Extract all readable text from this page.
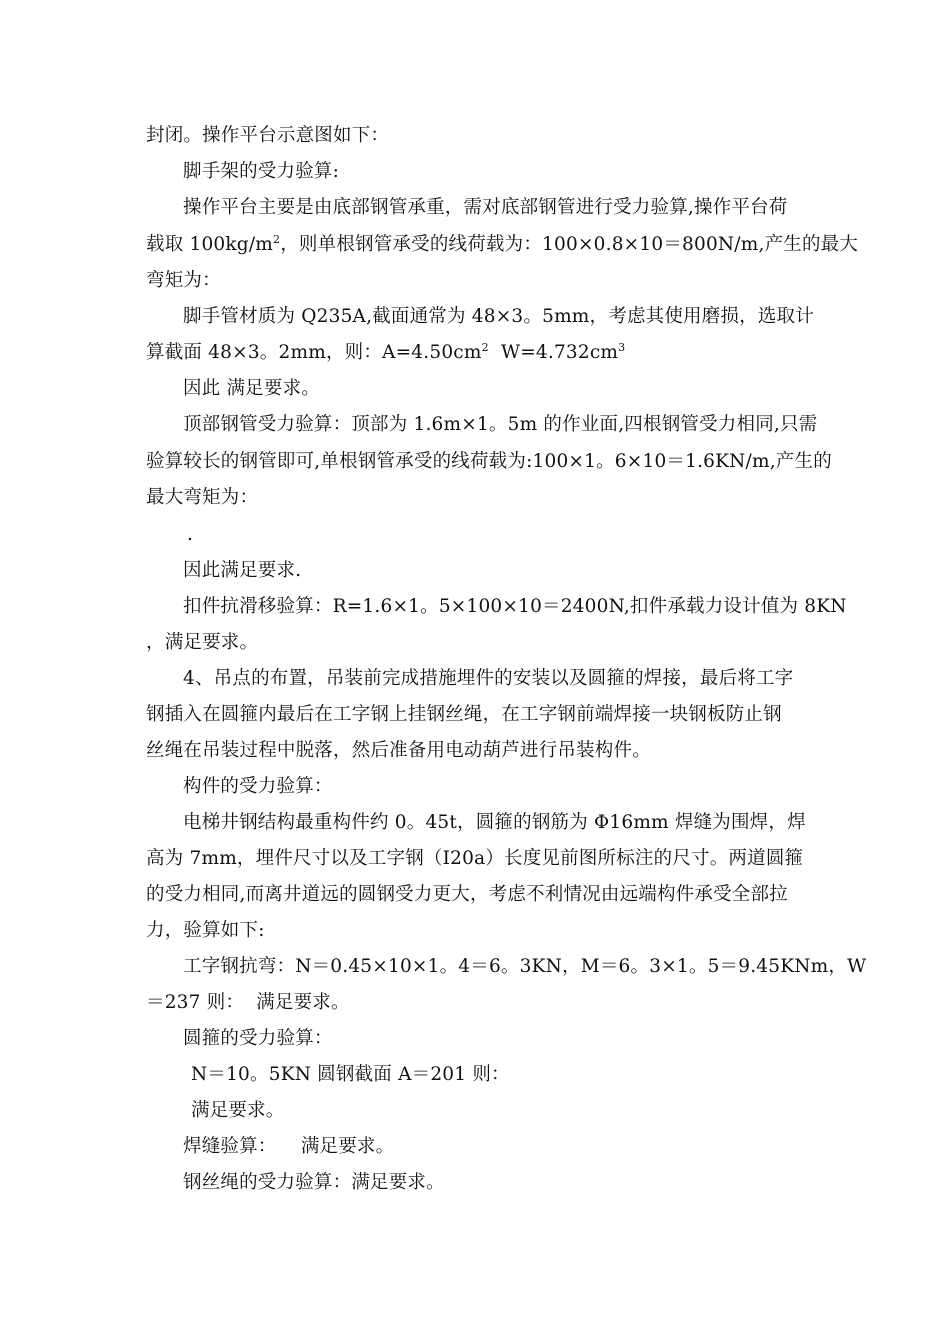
封闭。操作平台示意图如下：
脚手架的受力验算:
操作平台主要是由底部钢管承重，需对底部钢管进行受力验算,操作平台荷
载取 $100kg/m^2$，则单根钢管承受的线荷载为：100×0.8×10＝800N/m,产生的最大
弯矩为：
脚手管材质为 Q235A,截面通常为 48×3。5mm，考虑其使用磨损，选取计
算截面 48×3。2mm，则：$A=4.50cm^2$  $W=4.732cm^3$
因此 满足要求。
顶部钢管受力验算：顶部为 1.6m×1。5m 的作业面,四根钢管受力相同,只需
验算较长的钢管即可,单根钢管承受的线荷载为:100×1。6×10＝1.6KN/m,产生的
最大弯矩为：
.
因此满足要求.
扣件抗滑移验算：R=1.6×1。5×100×10＝2400N,扣件承载力设计值为 8KN
，满足要求。
4、吊点的布置，吊装前完成措施埋件的安装以及圆箍的焊接，最后将工字
钢插入在圆箍内最后在工字钢上挂钢丝绳，在工字钢前端焊接一块钢板防止钢
丝绳在吊装过程中脱落，然后准备用电动葫芦进行吊装构件。
构件的受力验算：
电梯井钢结构最重构件约 0。45t，圆箍的钢筋为 Φ16mm 焊缝为围焊，焊
高为 7mm，埋件尺寸以及工字钢（I20a）长度见前图所标注的尺寸。两道圆箍
的受力相同,而离井道远的圆钢受力更大，考虑不利情况由远端构件承受全部拉
力，验算如下:
工字钢抗弯：N＝0.45×10×1。4＝6。3KN，M＝6。3×1。5＝9.45KNm，W
＝237 则：  满足要求。
圆箍的受力验算：
N＝10。5KN 圆钢截面 A＝201 则：
满足要求。
焊缝验算：    满足要求。
钢丝绳的受力验算：满足要求。
